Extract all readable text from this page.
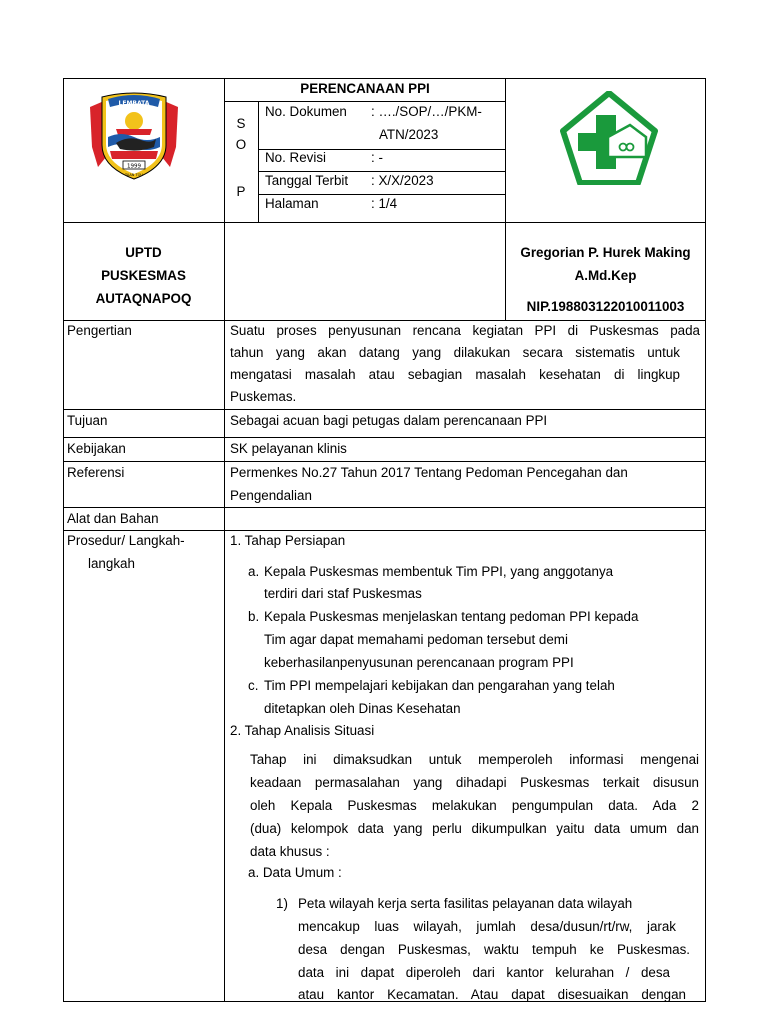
1999
LEMBATA
TAAN TOU
PERENCANAAN PPI
S
O
P
No. Dokumen : …./SOP/…/PKM-
ATN/2023
No. Revisi	: -
Tanggal Terbit : X/X/2023
Halaman	: 1/4
UPTD
PUSKESMAS
AUTAQNAPOQ
Gregorian P. Hurek Making
A.Md.Kep
NIP.198803122010011003
Pengertian
Tujuan
Kebijakan
Referensi
Alat dan Bahan
Prosedur/ Langkah-
langkah
Suatu proses penyusunan rencana kegiatan PPI di Puskesmas pada
tahun yang akan datang yang dilakukan secara sistematis untuk
mengatasi masalah atau sebagian masalah kesehatan di lingkup
Puskemas.
Sebagai acuan bagi petugas dalam perencanaan PPI
SK pelayanan klinis
Permenkes No.27 Tahun 2017 Tentang Pedoman Pencegahan dan
Pengendalian
1. Tahap Persiapan
a. Kepala Puskesmas membentuk Tim PPI, yang anggotanya
terdiri dari staf Puskesmas
b. Kepala Puskesmas menjelaskan tentang pedoman PPI kepada
Tim agar dapat memahami pedoman tersebut demi
keberhasilanpenyusunan perencanaan program PPI
c. Tim PPI mempelajari kebijakan dan pengarahan yang telah
ditetapkan oleh Dinas Kesehatan
2. Tahap Analisis Situasi
Tahap ini dimaksudkan untuk memperoleh informasi mengenai
keadaan permasalahan yang dihadapi Puskesmas terkait disusun
oleh Kepala Puskesmas melakukan pengumpulan data. Ada 2
(dua) kelompok data yang perlu dikumpulkan yaitu data umum dan
data khusus :
a. Data Umum :
1) Peta wilayah kerja serta fasilitas pelayanan data wilayah
mencakup luas wilayah, jumlah desa/dusun/rt/rw, jarak
desa dengan Puskesmas, waktu tempuh ke Puskesmas.
data ini dapat diperoleh dari kantor kelurahan / desa
atau kantor Kecamatan. Atau dapat disesuaikan dengan
